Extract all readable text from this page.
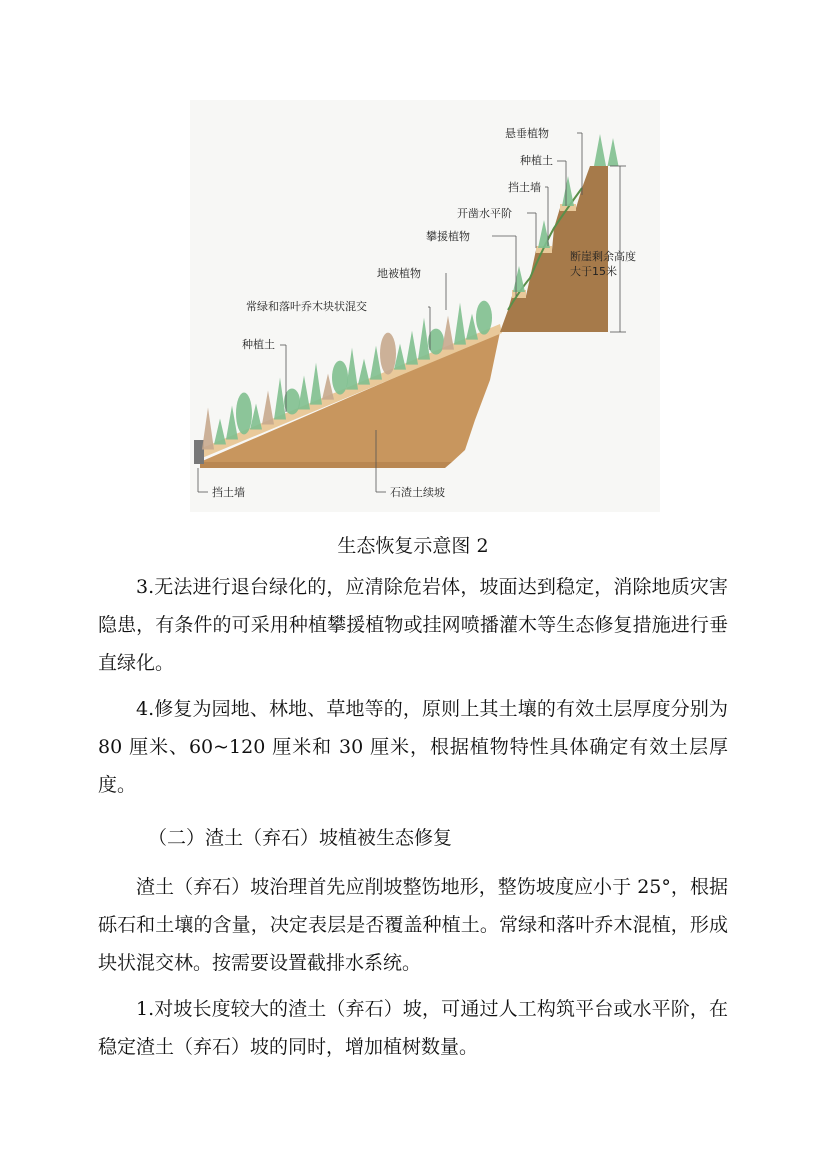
悬垂植物
种植土
挡土墙
开凿水平阶
攀援植物
断崖剩余高度
大于15米
地被植物
常绿和落叶乔木块状混交
种植土
挡土墙	石渣土续坡
生态恢复示意图 2

3.无法进行退台绿化的，应清除危岩体，坡面达到稳定，消除地质灾害隐患，有条件的可采用种植攀援植物或挂网喷播灌木等生态修复措施进行垂直绿化。

4.修复为园地、林地、草地等的，原则上其土壤的有效土层厚度分别为 80 厘米、60~120 厘米和 30 厘米，根据植物特性具体确定有效土层厚度。

（二）渣土（弃石）坡植被生态修复

渣土（弃石）坡治理首先应削坡整饬地形，整饬坡度应小于 25°，根据砾石和土壤的含量，决定表层是否覆盖种植土。常绿和落叶乔木混植，形成块状混交林。按需要设置截排水系统。

1.对坡长度较大的渣土（弃石）坡，可通过人工构筑平台或水平阶，在稳定渣土（弃石）坡的同时，增加植树数量。
